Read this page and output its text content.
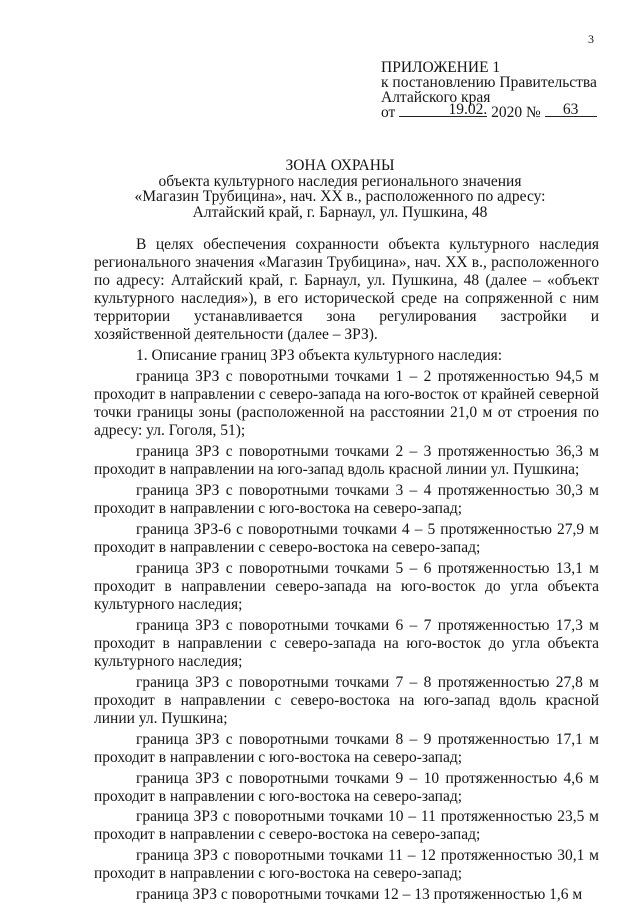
3
ПРИЛОЖЕНИЕ 1
к постановлению Правительства
Алтайского края
от	19.02. 2020 № 63
ЗОНА ОХРАНЫ
объекта культурного наследия регионального значения
«Магазин Трубицина», нач. XX в., расположенного по адресу:
Алтайский край, г. Барнаул, ул. Пушкина, 48

В целях обеспечения сохранности объекта культурного наследия регионального значения «Магазин Трубицина», нач. XX в., расположенного по адресу: Алтайский край, г. Барнаул, ул. Пушкина, 48 (далее – «объект культурного наследия»), в его исторической среде на сопряженной с ним территории устанавливается зона регулирования застройки и хозяйственной деятельности (далее – ЗРЗ).

1. Описание границ ЗРЗ объекта культурного наследия:

граница ЗРЗ с поворотными точками 1 – 2 протяженностью 94,5 м проходит в направлении с северо-запада на юго-восток от крайней северной точки границы зоны (расположенной на расстоянии 21,0 м от строения по адресу: ул. Гоголя, 51);

граница ЗРЗ с поворотными точками 2 – 3 протяженностью 36,3 м проходит в направлении на юго-запад вдоль красной линии ул. Пушкина;

граница ЗРЗ с поворотными точками 3 – 4 протяженностью 30,3 м проходит в направлении с юго-востока на северо-запад;

граница ЗРЗ-6 с поворотными точками 4 – 5 протяженностью 27,9 м проходит в направлении с северо-востока на северо-запад;

граница ЗРЗ с поворотными точками 5 – 6 протяженностью 13,1 м проходит в направлении северо-запада на юго-восток до угла объекта культурного наследия;

граница ЗРЗ с поворотными точками 6 – 7 протяженностью 17,3 м проходит в направлении с северо-запада на юго-восток до угла объекта культурного наследия;

граница ЗРЗ с поворотными точками 7 – 8 протяженностью 27,8 м проходит в направлении с северо-востока на юго-запад вдоль красной линии ул. Пушкина;

граница ЗРЗ с поворотными точками 8 – 9 протяженностью 17,1 м проходит в направлении с юго-востока на северо-запад;

граница ЗРЗ с поворотными точками 9 – 10 протяженностью 4,6 м проходит в направлении с юго-востока на северо-запад;

граница ЗРЗ с поворотными точками 10 – 11 протяженностью 23,5 м проходит в направлении с северо-востока на северо-запад;

граница ЗРЗ с поворотными точками 11 – 12 протяженностью 30,1 м проходит в направлении с юго-востока на северо-запад;

граница ЗРЗ с поворотными точками 12 – 13 протяженностью 1,6 м
